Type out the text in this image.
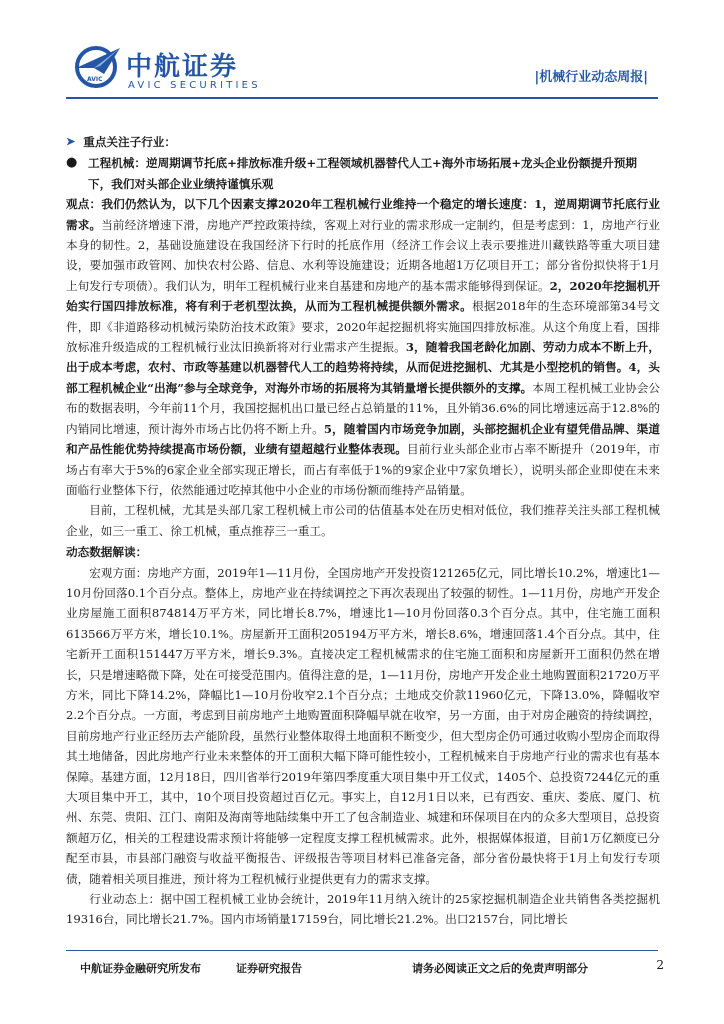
AVIC 中航证券
AVIC SECURITIES
|机械行业动态周报|
➤ 重点关注子行业：
● 工程机械：逆周期调节托底+排放标准升级+工程领域机器替代人工+海外市场拓展+龙头企业份额提升预期下，我们对头部企业业绩持谨慎乐观

观点：我们仍然认为，以下几个因素支撑2020年工程机械行业维持一个稳定的增长速度：1，逆周期调节托底行业需求。当前经济增速下滑，房地产严控政策持续，客观上对行业的需求形成一定制约，但是考虑到：1，房地产行业本身的韧性。2，基础设施建设在我国经济下行时的托底作用（经济工作会议上表示要推进川藏铁路等重大项目建设，要加强市政管网、加快农村公路、信息、水利等设施建设；近期各地超1万亿项目开工；部分省份拟快将于1月上旬发行专项债）。我们认为，明年工程机械行业来自基建和房地产的基本需求能够得到保证。2，2020年挖掘机开始实行国四排放标准，将有利于老机型汰换，从而为工程机械提供额外需求。根据2018年的生态环境部第34号文件，即《非道路移动机械污染防治技术政策》要求，2020年起挖掘机将实施国四排放标准。从这个角度上看，国排放标准升级造成的工程机械行业汰旧换新将对行业需求产生提振。3，随着我国老龄化加剧、劳动力成本不断上升，出于成本考虑，农村、市政等基建以机器替代人工的趋势将持续，从而促进挖掘机、尤其是小型挖机的销售。4，头部工程机械企业“出海”参与全球竞争，对海外市场的拓展将为其销量增长提供额外的支撑。本周工程机械工业协会公布的数据表明，今年前11个月，我国挖掘机出口量已经占总销量的11%，且外销36.6%的同比增速远高于12.8%的内销同比增速，预计海外市场占比仍将不断上升。5，随着国内市场竞争加剧，头部挖掘机企业有望凭借品牌、渠道和产品性能优势持续提高市场份额，业绩有望超越行业整体表现。目前行业头部企业市占率不断提升（2019年，市场占有率大于5%的6家企业全部实现正增长，而占有率低于1%的9家企业中7家负增长），说明头部企业即使在未来面临行业整体下行，依然能通过吃掉其他中小企业的市场份额而维持产品销量。

目前，工程机械，尤其是头部几家工程机械上市公司的估值基本处在历史相对低位，我们推荐关注头部工程机械企业，如三一重工、徐工机械，重点推荐三一重工。

动态数据解读：

宏观方面：房地产方面，2019年1—11月份，全国房地产开发投资121265亿元，同比增长10.2%，增速比1—10月份回落0.1个百分点。整体上，房地产业在持续调控之下再次表现出了较强的韧性。1—11月份，房地产开发企业房屋施工面积874814万平方米，同比增长8.7%，增速比1—10月份回落0.3个百分点。其中，住宅施工面积613566万平方米，增长10.1%。房屋新开工面积205194万平方米，增长8.6%，增速回落1.4个百分点。其中，住宅新开工面积151447万平方米，增长9.3%。直接决定工程机械需求的住宅施工面积和房屋新开工面积仍然在增长，只是增速略微下降，处在可接受范围内。值得注意的是，1—11月份，房地产开发企业土地购置面积21720万平方米，同比下降14.2%，降幅比1—10月份收窄2.1个百分点；土地成交价款11960亿元，下降13.0%，降幅收窄2.2个百分点。一方面，考虑到目前房地产土地购置面积降幅早就在收窄，另一方面，由于对房企融资的持续调控，目前房地产行业正经历去产能阶段，虽然行业整体取得土地面积不断变少，但大型房企仍可通过收购小型房企而取得其土地储备，因此房地产行业未来整体的开工面积大幅下降可能性较小，工程机械来自于房地产行业的需求也有基本保障。基建方面，12月18日，四川省举行2019年第四季度重大项目集中开工仪式，1405个、总投资7244亿元的重大项目集中开工，其中，10个项目投资超过百亿元。事实上，自12月1日以来，已有西安、重庆、娄底、厦门、杭州、东莞、贵阳、江门、南阳及海南等地陆续集中开工了包含制造业、城建和环保项目在内的众多大型项目，总投资额超万亿，相关的工程建设需求预计将能够一定程度支撑工程机械需求。此外，根据媒体报道，目前1万亿额度已分配至市县，市县部门融资与收益平衡报告、评级报告等项目材料已准备完备，部分省份最快将于1月上旬发行专项债，随着相关项目推进，预计将为工程机械行业提供更有力的需求支撑。

行业动态上：据中国工程机械工业协会统计，2019年11月纳入统计的25家挖掘机制造企业共销售各类挖掘机19316台，同比增长21.7%。国内市场销量17159台，同比增长21.2%。出口2157台，同比增长

中航证券金融研究所发布	证券研究报告	请务必阅读正文之后的免责声明部分	2
